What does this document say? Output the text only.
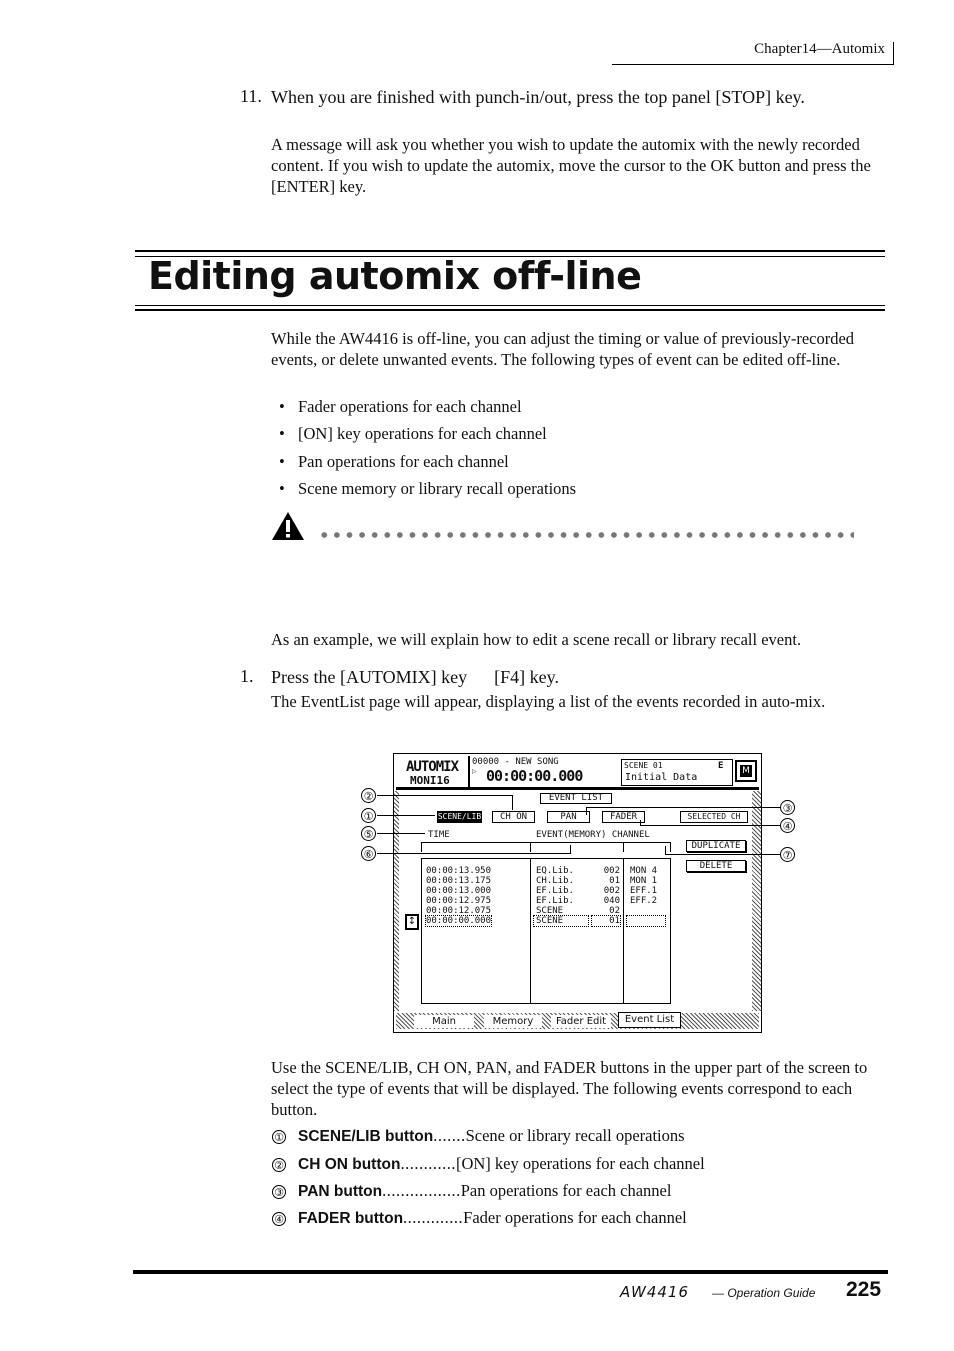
Chapter14—Automix
11. When you are finished with punch-in/out, press the top panel [STOP] key.
A message will ask you whether you wish to update the automix with the newly recorded content. If you wish to update the automix, move the cursor to the OK button and press the [ENTER] key.
Editing automix off-line
While the AW4416 is off-line, you can adjust the timing or value of previously-recorded events, or delete unwanted events. The following types of event can be edited off-line.
• Fader operations for each channel
• [ON] key operations for each channel
• Pan operations for each channel
• Scene memory or library recall operations
As an example, we will explain how to edit a scene recall or library recall event.
1. Press the [AUTOMIX] key      [F4] key.
The EventList page will appear, displaying a list of the events recorded in auto-mix.
AUTOMIX
MONI16
00000 - NEW SONG
▷ 00:00:00.000
SCENE 01	E
Initial Data
M
EVENT LIST
SCENE/LIB	CH ON	PAN	FADER	SELECTED CH
TIME	EVENT(MEMORY) CHANNEL
DUPLICATE
DELETE
00:00:13.950	EQ.Lib.	002 MON 4
00:00:13.175	CH.Lib.	01 MON 1
00:00:13.000	EF.Lib.	002 EFF.1
00:00:12.975	EF.Lib.	040 EFF.2
00:00:12.075	SCENE	02
↕	00:00:00.000	SCENE	01
Main	Memory	Fader Edit	Event List
②
①
⑤
⑥
③
④
⑦
Use the SCENE/LIB, CH ON, PAN, and FADER buttons in the upper part of the screen to select the type of events that will be displayed. The following events correspond to each button.
① SCENE/LIB button.......Scene or library recall operations
② CH ON button............[ON] key operations for each channel
③ PAN button.................Pan operations for each channel
④ FADER button.............Fader operations for each channel
AW4416 — Operation Guide 225
